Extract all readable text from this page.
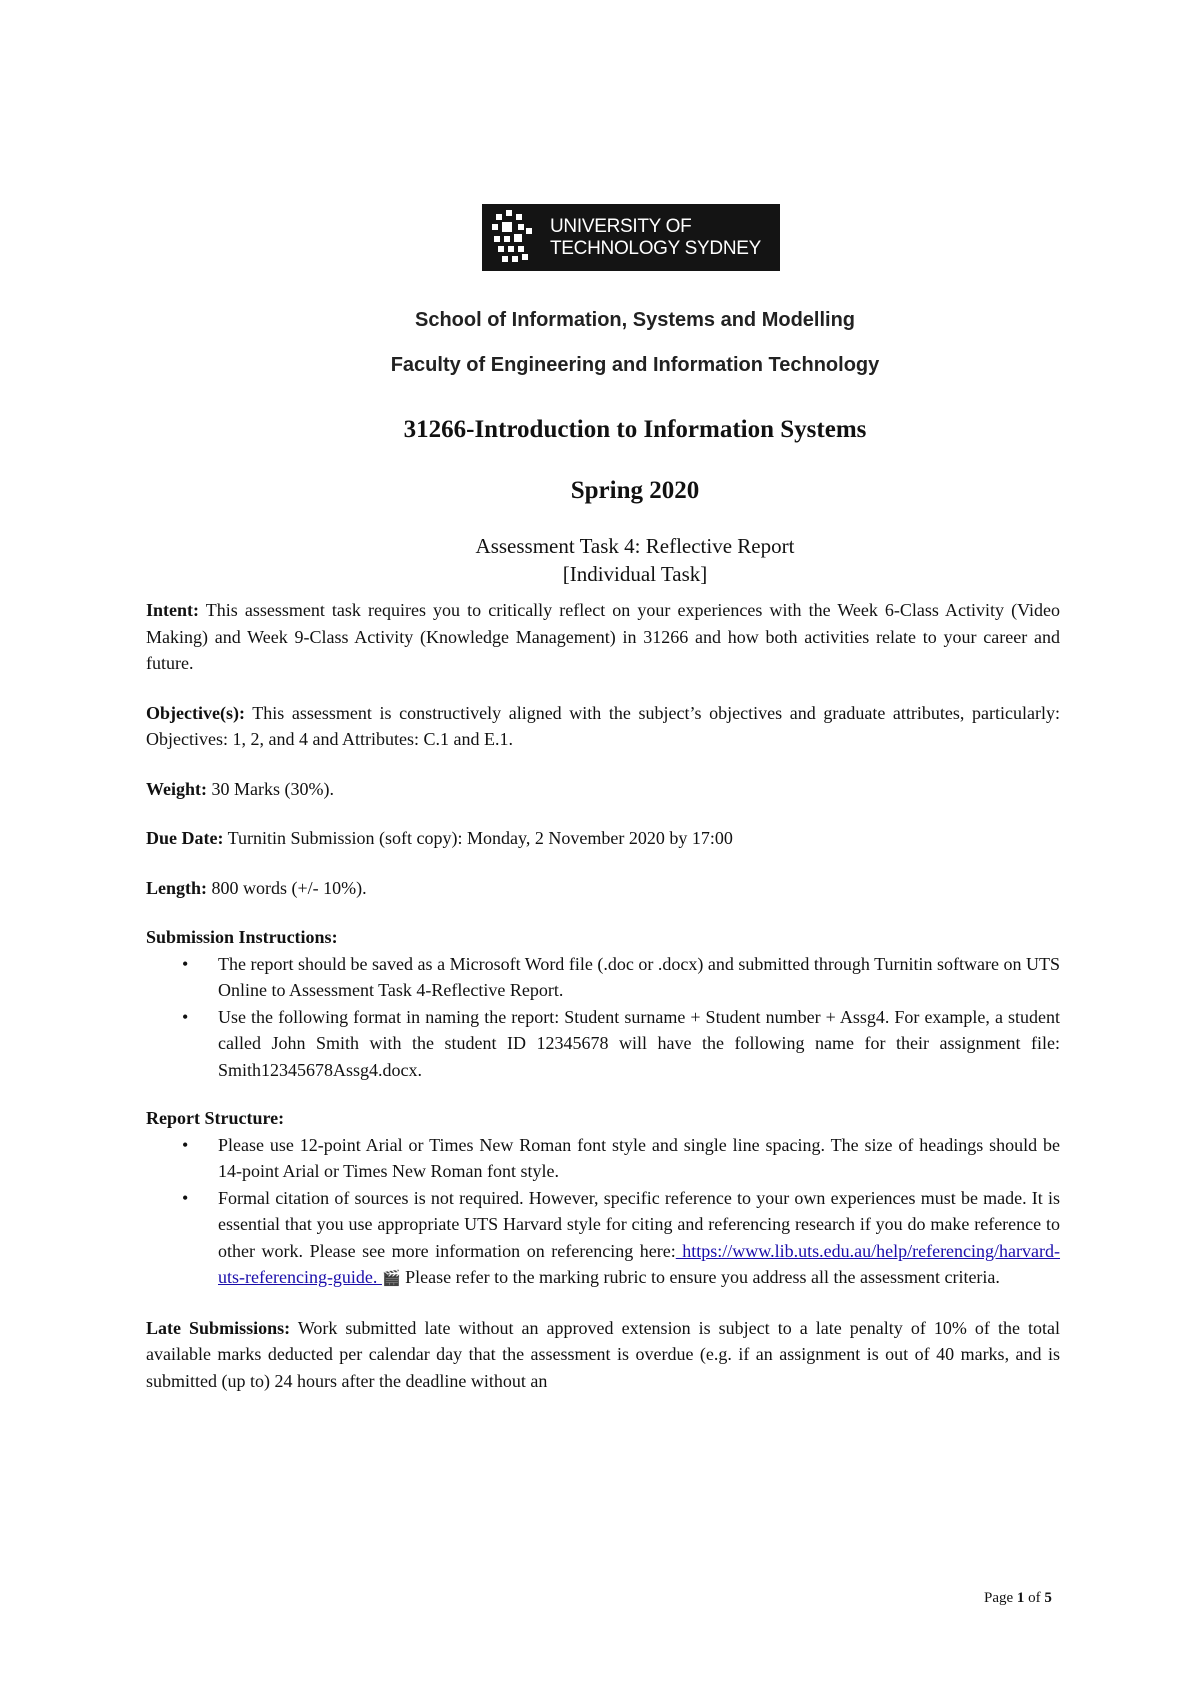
UNIVERSITY OF
TECHNOLOGY SYDNEY
School of Information, Systems and Modelling
Faculty of Engineering and Information Technology
31266-Introduction to Information Systems
Spring 2020
Assessment Task 4: Reflective Report
[Individual Task]

Intent: This assessment task requires you to critically reflect on your experiences with the Week 6-Class Activity (Video Making) and Week 9-Class Activity (Knowledge Management) in 31266 and how both activities relate to your career and future.

Objective(s): This assessment is constructively aligned with the subject’s objectives and graduate attributes, particularly: Objectives: 1, 2, and 4 and Attributes: C.1 and E.1.

Weight: 30 Marks (30%).

Due Date: Turnitin Submission (soft copy): Monday, 2 November 2020 by 17:00

Length: 800 words (+/- 10%).

Submission Instructions:
• The report should be saved as a Microsoft Word file (.doc or .docx) and submitted through Turnitin software on UTS Online to Assessment Task 4-Reflective Report.
• Use the following format in naming the report: Student surname + Student number + Assg4. For example, a student called John Smith with the student ID 12345678 will have the following name for their assignment file: Smith12345678Assg4.docx.
Report Structure:
• Please use 12-point Arial or Times New Roman font style and single line spacing. The size of headings should be 14-point Arial or Times New Roman font style.
• Formal citation of sources is not required. However, specific reference to your own experiences must be made. It is essential that you use appropriate UTS Harvard style for citing and referencing research if you do make reference to other work. Please see more information on referencing here: https://www.lib.uts.edu.au/help/referencing/harvard-uts-referencing-guide. 🎬 Please refer to the marking rubric to ensure you address all the assessment criteria.

Late Submissions: Work submitted late without an approved extension is subject to a late penalty of 10% of the total available marks deducted per calendar day that the assessment is overdue (e.g. if an assignment is out of 40 marks, and is submitted (up to) 24 hours after the deadline without an

Page 1 of 5
